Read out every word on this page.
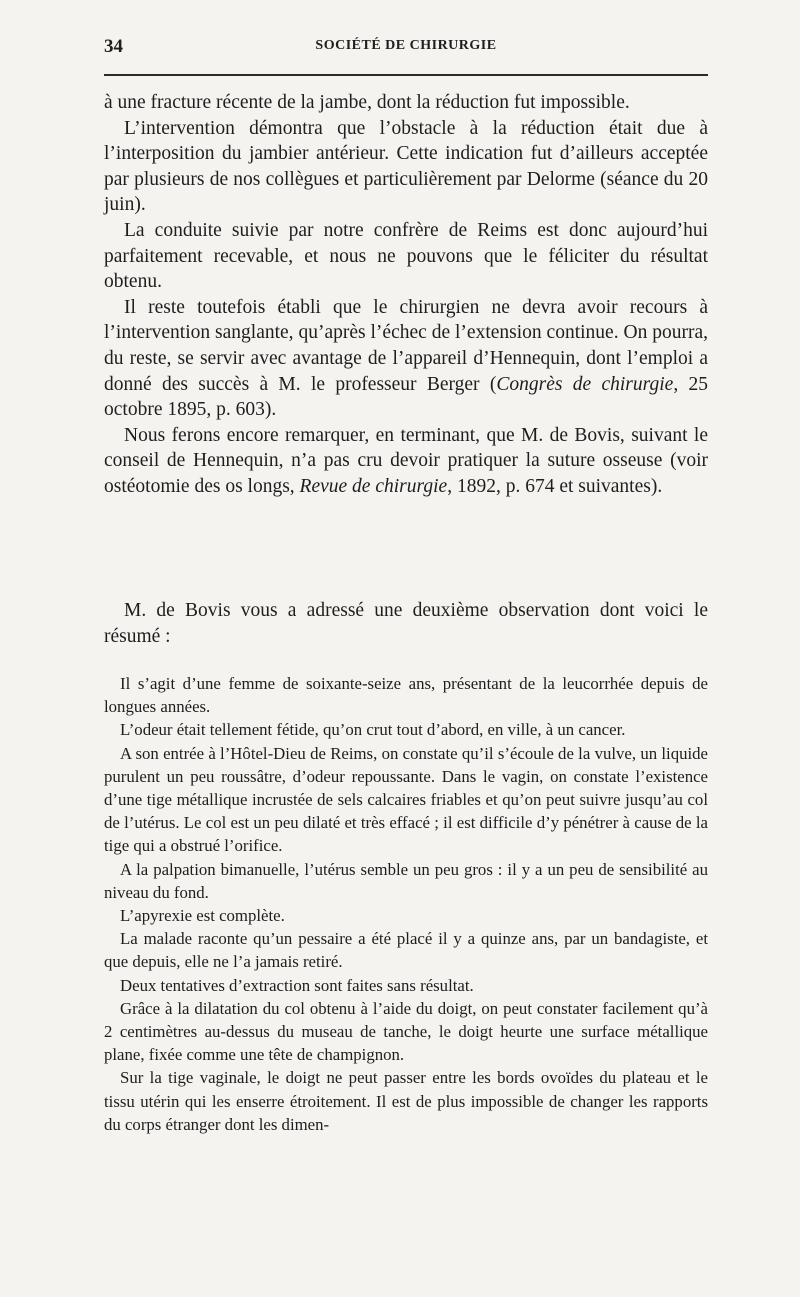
34	SOCIÉTÉ DE CHIRURGIE

à une fracture récente de la jambe, dont la réduction fut impossible.

L’intervention démontra que l’obstacle à la réduction était due à l’interposition du jambier antérieur. Cette indication fut d’ailleurs acceptée par plusieurs de nos collègues et particulièrement par Delorme (séance du 20 juin).

La conduite suivie par notre confrère de Reims est donc aujourd’hui parfaitement recevable, et nous ne pouvons que le féliciter du résultat obtenu.

Il reste toutefois établi que le chirurgien ne devra avoir recours à l’intervention sanglante, qu’après l’échec de l’extension continue. On pourra, du reste, se servir avec avantage de l’appareil d’Hennequin, dont l’emploi a donné des succès à M. le professeur Berger (Congrès de chirurgie, 25 octobre 1895, p. 603).

Nous ferons encore remarquer, en terminant, que M. de Bovis, suivant le conseil de Hennequin, n’a pas cru devoir pratiquer la suture osseuse (voir ostéotomie des os longs, Revue de chirurgie, 1892, p. 674 et suivantes).

M. de Bovis vous a adressé une deuxième observation dont voici le résumé :

Il s’agit d’une femme de soixante-seize ans, présentant de la leucorrhée depuis de longues années.

L’odeur était tellement fétide, qu’on crut tout d’abord, en ville, à un cancer.

A son entrée à l’Hôtel-Dieu de Reims, on constate qu’il s’écoule de la vulve, un liquide purulent un peu roussâtre, d’odeur repoussante. Dans le vagin, on constate l’existence d’une tige métallique incrustée de sels calcaires friables et qu’on peut suivre jusqu’au col de l’utérus. Le col est un peu dilaté et très effacé ; il est difficile d’y pénétrer à cause de la tige qui a obstrué l’orifice.

A la palpation bimanuelle, l’utérus semble un peu gros : il y a un peu de sensibilité au niveau du fond.

L’apyrexie est complète.

La malade raconte qu’un pessaire a été placé il y a quinze ans, par un bandagiste, et que depuis, elle ne l’a jamais retiré.

Deux tentatives d’extraction sont faites sans résultat.

Grâce à la dilatation du col obtenu à l’aide du doigt, on peut constater facilement qu’à 2 centimètres au-dessus du museau de tanche, le doigt heurte une surface métallique plane, fixée comme une tête de champignon.

Sur la tige vaginale, le doigt ne peut passer entre les bords ovoïdes du plateau et le tissu utérin qui les enserre étroitement. Il est de plus impossible de changer les rapports du corps étranger dont les dimen-
